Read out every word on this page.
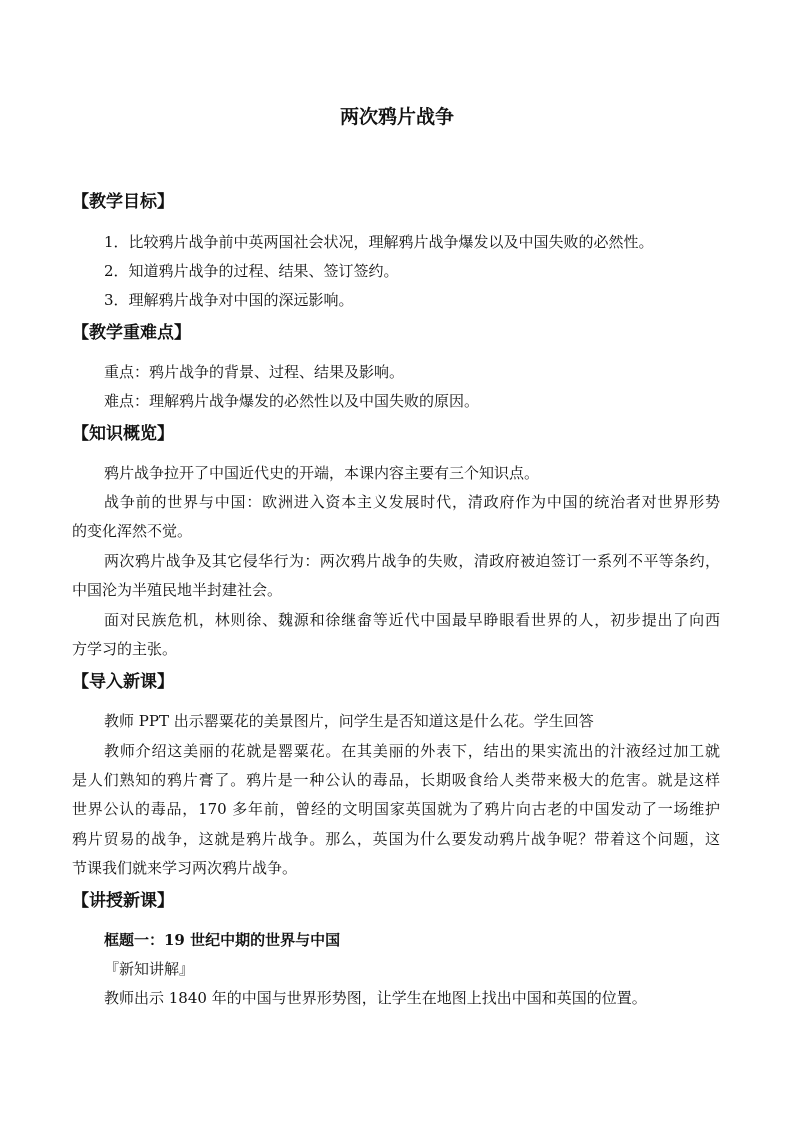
两次鸦片战争
【教学目标】
1．比较鸦片战争前中英两国社会状况，理解鸦片战争爆发以及中国失败的必然性。
2．知道鸦片战争的过程、结果、签订签约。
3．理解鸦片战争对中国的深远影响。
【教学重难点】
重点：鸦片战争的背景、过程、结果及影响。
难点：理解鸦片战争爆发的必然性以及中国失败的原因。
【知识概览】
鸦片战争拉开了中国近代史的开端，本课内容主要有三个知识点。
战争前的世界与中国：欧洲进入资本主义发展时代，清政府作为中国的统治者对世界形势
的变化浑然不觉。
两次鸦片战争及其它侵华行为：两次鸦片战争的失败，清政府被迫签订一系列不平等条约，
中国沦为半殖民地半封建社会。
面对民族危机，林则徐、魏源和徐继畲等近代中国最早睁眼看世界的人，初步提出了向西
方学习的主张。
【导入新课】
教师 PPT 出示罂粟花的美景图片，问学生是否知道这是什么花。学生回答
教师介绍这美丽的花就是罂粟花。在其美丽的外表下，结出的果实流出的汁液经过加工就
是人们熟知的鸦片膏了。鸦片是一种公认的毒品，长期吸食给人类带来极大的危害。就是这样
世界公认的毒品，170 多年前，曾经的文明国家英国就为了鸦片向古老的中国发动了一场维护
鸦片贸易的战争，这就是鸦片战争。那么，英国为什么要发动鸦片战争呢？带着这个问题，这
节课我们就来学习两次鸦片战争。
【讲授新课】
框题一：19 世纪中期的世界与中国
『新知讲解』
教师出示 1840 年的中国与世界形势图，让学生在地图上找出中国和英国的位置。
